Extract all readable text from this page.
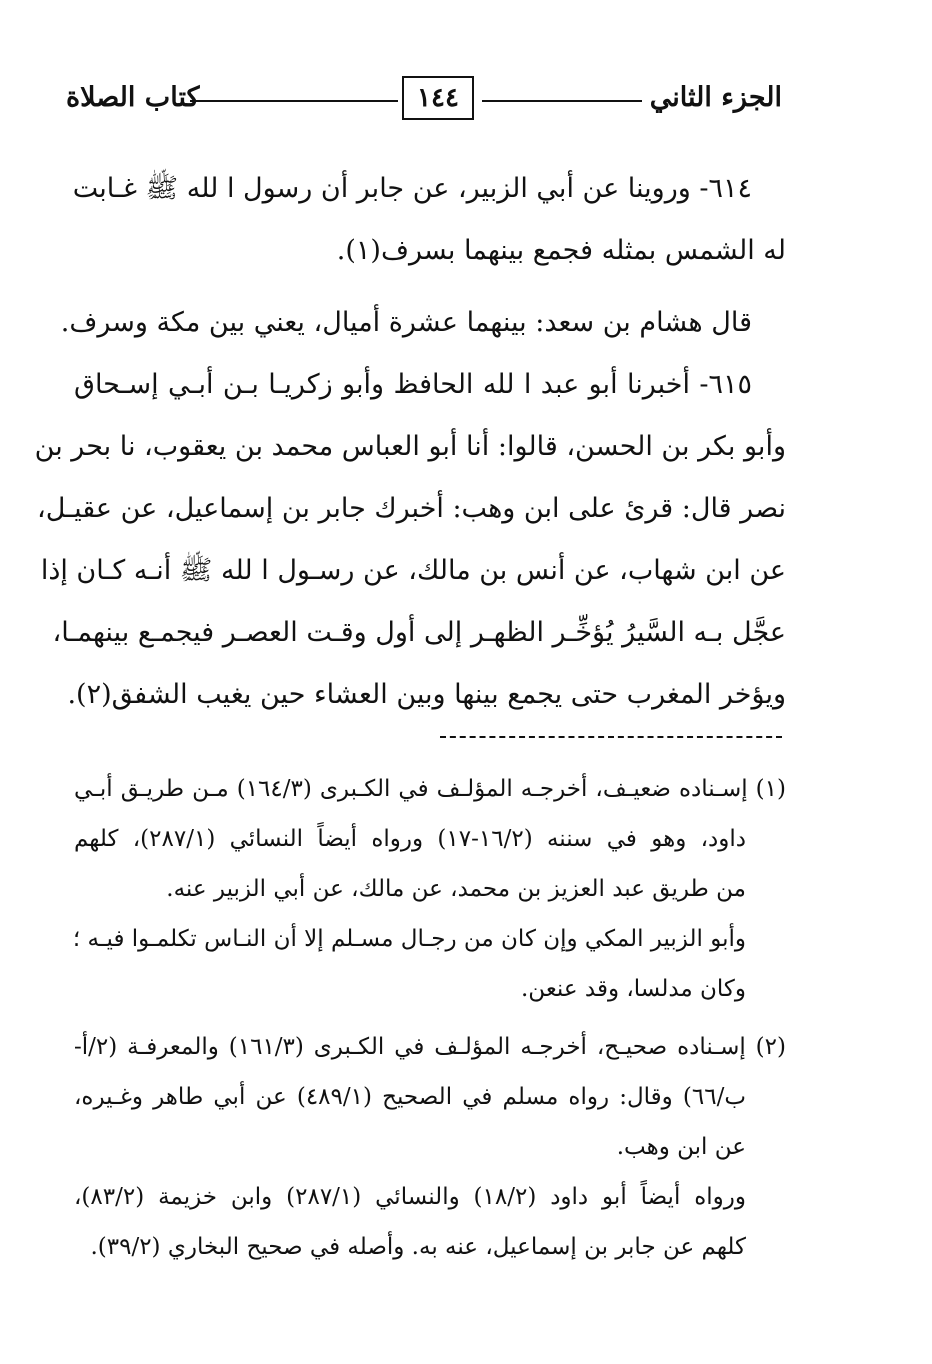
الجزء الثاني
١٤٤
كتاب الصلاة
٦١٤- وروينا عن أبي الزبير، عن جابر أن رسول ا لله ﷺ غـابت
له الشمس بمثله فجمع بينهما بسرف(١).
قال هشام بن سعد: بينهما عشرة أميال، يعني بين مكة وسرف.
٦١٥- أخبرنا أبو عبد ا لله الحافظ وأبو زكريـا بـن أبـي إسـحاق
وأبو بكر بن الحسن، قالوا: أنا أبو العباس محمد بن يعقوب، نا بحر بن
نصر قال: قرئ على ابن وهب: أخبرك جابر بن إسماعيل، عن عقيـل،
عن ابن شهاب، عن أنس بن مالك، عن رسـول ا لله ﷺ أنـه كـان إذا
عجَّل بـه السَّيرُ يُؤخِّـر الظهـر إلى أول وقـت العصـر فيجمـع بينهمـا،
ويؤخر المغرب حتى يجمع بينها وبين العشاء حين يغيب الشفق(٢).
(١) إسـناده ضعيـف، أخرجـه المؤلـف في الكـبرى (١٦٤/٣) مـن طريـق أبـي
داود، وهو في سننه (١٦/٢-١٧) ورواه أيضاً النسائي (٢٨٧/١)، كلهم
من طريق عبد العزيز بن محمد، عن مالك، عن أبي الزبير عنه.
وأبو الزبير المكي وإن كان من رجـال مسـلم إلا أن النـاس تكلمـوا فيـه ؛
وكان مدلسا، وقد عنعن.
(٢) إسـناده صحيـح، أخرجـه المؤلـف في الكـبرى (١٦١/٣) والمعرفـة (٢/أ-
ب/٦٦) وقال: رواه مسلم في الصحيح (٤٨٩/١) عن أبي طاهر وغـيره،
عن ابن وهب.
ورواه أيضاً أبو داود (١٨/٢) والنسائي (٢٨٧/١) وابن خزيمة (٨٣/٢)،
كلهم عن جابر بن إسماعيل، عنه به. وأصله في صحيح البخاري (٣٩/٢).
